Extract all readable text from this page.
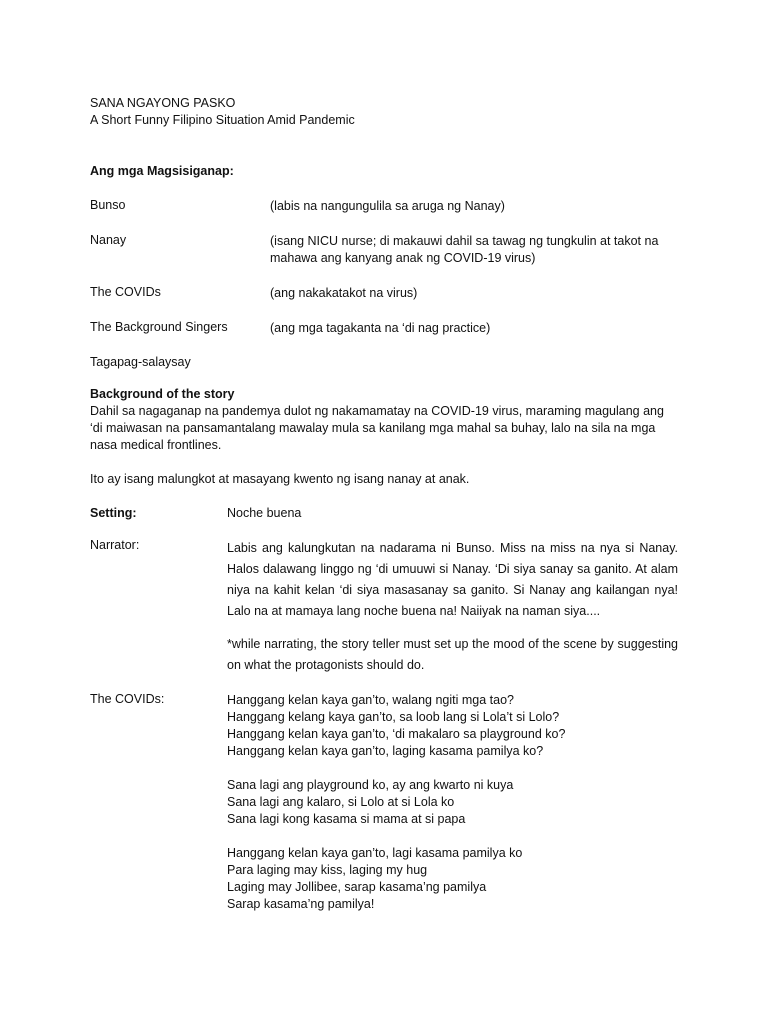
SANA NGAYONG PASKO
A Short Funny Filipino Situation Amid Pandemic
Ang mga Magsisiganap:
Bunso	(labis na nangungulila sa aruga ng Nanay)
Nanay	(isang NICU nurse; di makauwi dahil sa tawag ng tungkulin at takot na mahawa ang kanyang anak ng COVID-19 virus)
The COVIDs	(ang nakakatakot na virus)
The Background Singers	(ang mga tagakanta na ‘di nag practice)
Tagapag-salaysay
Background of the story
Dahil sa nagaganap na pandemya dulot ng nakamamatay na COVID-19 virus, maraming magulang ang ‘di maiwasan na pansamantalang mawalay mula sa kanilang mga mahal sa buhay, lalo na sila na mga nasa medical frontlines.
Ito ay isang malungkot at masayang kwento ng isang nanay at anak.
Setting:	Noche buena
Narrator:	Labis ang kalungkutan na nadarama ni Bunso. Miss na miss na nya si Nanay. Halos dalawang linggo ng ‘di umuuwi si Nanay. ‘Di siya sanay sa ganito. At alam niya na kahit kelan ‘di siya masasanay sa ganito. Si Nanay ang kailangan nya! Lalo na at mamaya lang noche buena na! Naiiyak na naman siya....
*while narrating, the story teller must set up the mood of the scene by suggesting on what the protagonists should do.
The COVIDs:	Hanggang kelan kaya gan’to, walang ngiti mga tao?
Hanggang kelang kaya gan’to, sa loob lang si Lola’t si Lolo?
Hanggang kelan kaya gan’to, ‘di makalaro sa playground ko?
Hanggang kelan kaya gan’to, laging kasama pamilya ko?
Sana lagi ang playground ko, ay ang kwarto ni kuya
Sana lagi ang kalaro, si Lolo at si Lola ko
Sana lagi kong kasama si mama at si papa
Hanggang kelan kaya gan’to, lagi kasama pamilya ko
Para laging may kiss, laging my hug
Laging may Jollibee, sarap kasama’ng pamilya
Sarap kasama’ng pamilya!
